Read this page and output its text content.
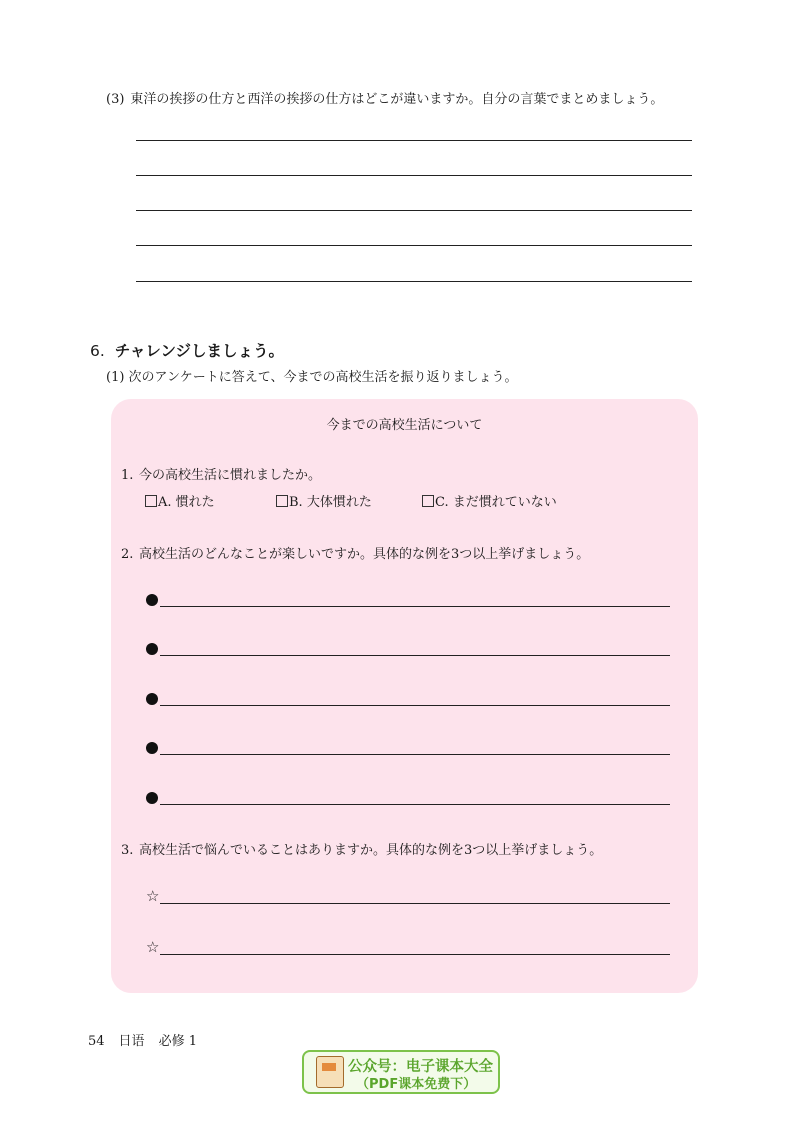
(3) 東洋の挨拶の仕方と西洋の挨拶の仕方はどこが違いますか。自分の言葉でまとめましょう。
6. チャレンジしましょう。
(1) 次のアンケートに答えて、今までの高校生活を振り返りましょう。
今までの高校生活について
1. 今の高校生活に慣れましたか。
A. 慣れた	B. 大体慣れた	C. まだ慣れていない
2. 高校生活のどんなことが楽しいですか。具体的な例を3つ以上挙げましょう。
3. 高校生活で悩んでいることはありますか。具体的な例を3つ以上挙げましょう。
☆
☆
54 日语 必修 1
公众号：电子课本大全
（PDF课本免费下）
